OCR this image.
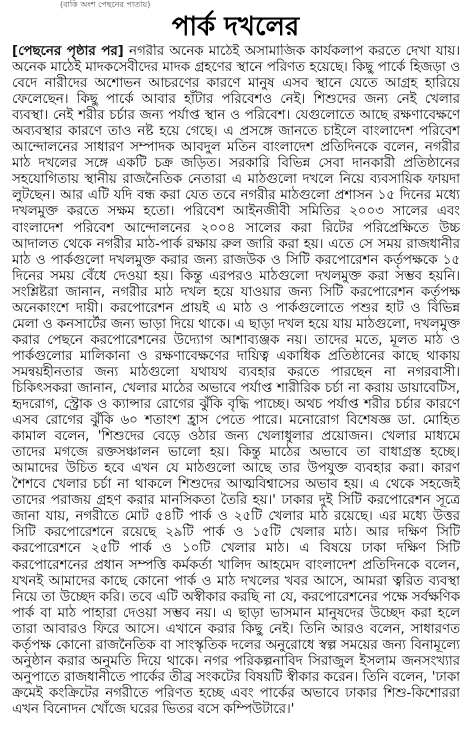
(বাকি অংশ পেছনের পাতায়)
পার্ক দখলের

[পেছনের পৃষ্ঠার পর] নগরীর অনেক মাঠেই অসামাজিক কার্যকলাপ করতে দেখা যায়। অনেক মাঠেই মাদকসেবীদের মাদক গ্রহণের স্থানে পরিণত হয়েছে। কিছু পার্কে হিজড়া ও বেদে নারীদের অশোভন আচরণের কারণে মানুষ এসব স্থানে যেতে আগ্রহ হারিয়ে ফেলেছেন। কিছু পার্কে আবার হাঁটার পরিবেশও নেই। শিশুদের জন্য নেই খেলার ব্যবস্থা। নেই শরীর চর্চার জন্য পর্যাপ্ত স্থান ও পরিবেশ। যেগুলোতে আছে রক্ষণাবেক্ষণে অব্যবস্থার কারণে তাও নষ্ট হয়ে গেছে। এ প্রসঙ্গে জানতে চাইলে বাংলাদেশ পরিবেশ আন্দোলনের সাধারণ সম্পাদক আবদুল মতিন বাংলাদেশ প্রতিদিনকে বলেন, নগরীর মাঠ দখলের সঙ্গে একটি চক্র জড়িত। সরকারি বিভিন্ন সেবা দানকারী প্রতিষ্ঠানের সহযোগিতায় স্থানীয় রাজনৈতিক নেতারা এ মাঠগুলো দখলে নিয়ে ব্যবসায়িক ফায়দা লুটছেন। আর এটি যদি বন্ধ করা যেত তবে নগরীর মাঠগুলো প্রশাসন ১৫ দিনের মধ্যে দখলমুক্ত করতে সক্ষম হতো। পরিবেশ আইনজীবী সমিতির ২০০৩ সালের এবং বাংলাদেশ পরিবেশ আন্দোলনের ২০০৪ সালের করা রিটের পরিপ্রেক্ষিতে উচ্চ আদালত থেকে নগরীর মাঠ-পার্ক রক্ষায় রুল জারি করা হয়। এতে সে সময় রাজধানীর মাঠ ও পার্কগুলো দখলমুক্ত করার জন্য রাজউক ও সিটি করপোরেশন কর্তৃপক্ষকে ১৫ দিনের সময় বেঁধে দেওয়া হয়। কিন্তু এরপরও মাঠগুলো দখলমুক্ত করা সম্ভব হয়নি। সংশ্লিষ্টরা জানান, নগরীর মাঠ দখল হয়ে যাওয়ার জন্য সিটি করপোরেশন কর্তৃপক্ষ অনেকাংশে দায়ী। করপোরেশন প্রায়ই এ মাঠ ও পার্কগুলোতে পশুর হাট ও বিভিন্ন মেলা ও কনসার্টের জন্য ভাড়া দিয়ে থাকে। এ ছাড়া দখল হয়ে যায় মাঠগুলো, দখলমুক্ত করার পেছনে করপোরেশনের উদ্যোগ আশাব্যঞ্জক নয়। তাদের মতে, মূলত মাঠ ও পার্কগুলোর মালিকানা ও রক্ষণাবেক্ষণের দায়িত্ব একাধিক প্রতিষ্ঠানের কাছে থাকায় সমন্বয়হীনতার জন্য মাঠগুলো যথাযথ ব্যবহার করতে পারছেন না নগরবাসী। চিকিৎসকরা জানান, খেলার মাঠের অভাবে পর্যাপ্ত শারীরিক চর্চা না করায় ডায়াবেটিস, হৃদরোগ, স্ট্রোক ও ক্যান্সার রোগের ঝুঁকি বৃদ্ধি পাচ্ছে। অথচ পর্যাপ্ত শরীর চর্চার কারণে এসব রোগের ঝুঁকি ৬০ শতাংশ হ্রাস পেতে পারে। মনোরোগ বিশেষজ্ঞ ডা. মোহিত কামাল বলেন, 'শিশুদের বেড়ে ওঠার জন্য খেলাধুলার প্রয়োজন। খেলার মাধ্যমে তাদের মগজে রক্তসঞ্চালন ভালো হয়। কিন্তু মাঠের অভাবে তা বাধাগ্রস্ত হচ্ছে। আমাদের উচিত হবে এখন যে মাঠগুলো আছে তার উপযুক্ত ব্যবহার করা। কারণ শৈশবে খেলার চর্চা না থাকলে শিশুদের আত্মবিশ্বাসের অভাব হয়। এ থেকে সহজেই তাদের পরাজয় গ্রহণ করার মানসিকতা তৈরি হয়।' ঢাকার দুই সিটি করপোরেশন সূত্রে জানা যায়, নগরীতে মোট ৫৪টি পার্ক ও ২৫টি খেলার মাঠ রয়েছে। এর মধ্যে উত্তর সিটি করপোরেশনে রয়েছে ২৯টি পার্ক ও ১৫টি খেলার মাঠ। আর দক্ষিণ সিটি করপোরেশনে ২৫টি পার্ক ও ১০টি খেলার মাঠ। এ বিষয়ে ঢাকা দক্ষিণ সিটি করপোরেশনের প্রধান সম্পত্তি কর্মকর্তা খালিদ আহমেদ বাংলাদেশ প্রতিদিনকে বলেন, যখনই আমাদের কাছে কোনো পার্ক ও মাঠ দখলের খবর আসে, আমরা ত্বরিত ব্যবস্থা নিয়ে তা উচ্ছেদ করি। তবে এটি অস্বীকার করছি না যে, করপোরেশনের পক্ষে সর্বক্ষণিক পার্ক বা মাঠ পাহারা দেওয়া সম্ভব নয়। এ ছাড়া ভাসমান মানুষদের উচ্ছেদ করা হলে তারা আবারও ফিরে আসে। এখানে করার কিছু নেই। তিনি আরও বলেন, সাধারণত কর্তৃপক্ষ কোনো রাজনৈতিক বা সাংস্কৃতিক দলের অনুরোধে স্বল্প সময়ের জন্য বিনামূল্যে অনুষ্ঠান করার অনুমতি দিয়ে থাকে। নগর পরিকল্পনাবিদ সিরাজুল ইসলাম জনসংখ্যার অনুপাতে রাজধানীতে পার্কের তীব্র সংকটের বিষয়টি স্বীকার করেন। তিনি বলেন, 'ঢাকা ক্রমেই কংক্রিটের নগরীতে পরিণত হচ্ছে এবং পার্কের অভাবে ঢাকার শিশু-কিশোররা এখন বিনোদন খোঁজে ঘরের ভিতর বসে কম্পিউটারে।'
